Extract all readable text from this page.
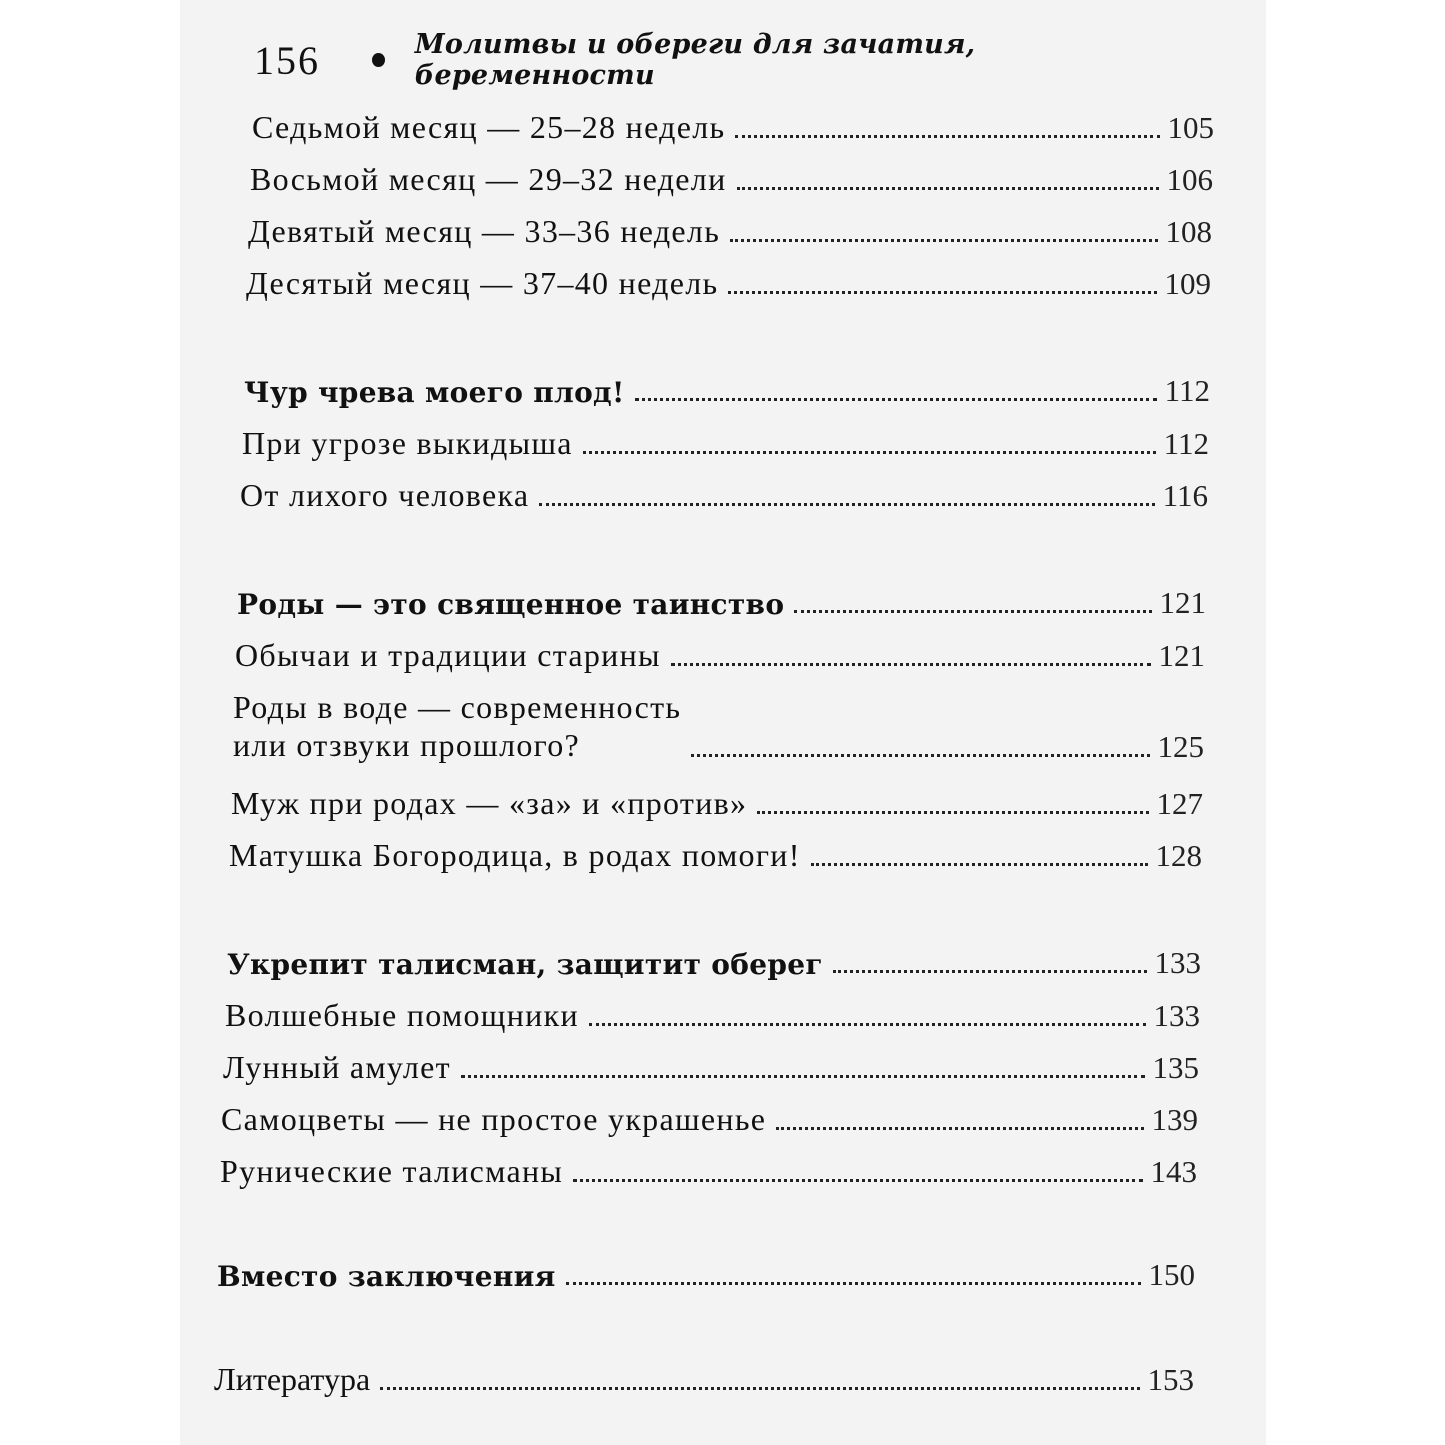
156	Молитвы и обереги для зачатия, беременности
Седьмой месяц — 25–28 недель	105
Восьмой месяц — 29–32 недели	106
Девятый месяц — 33–36 недель	108
Десятый месяц — 37–40 недель	109
Чур чрева моего плод!	112
При угрозе выкидыша	112
От лихого человека	116
Роды — это священное таинство	121
Обычаи и традиции старины	121
Роды в воде — современность
или отзвуки прошлого?	125
Муж при родах — «за» и «против»	127
Матушка Богородица, в родах помоги!	128
Укрепит талисман, защитит оберег	133
Волшебные помощники	133
Лунный амулет	135
Самоцветы — не простое украшенье	139
Рунические талисманы	143
Вместо заключения	150
Литература	153
